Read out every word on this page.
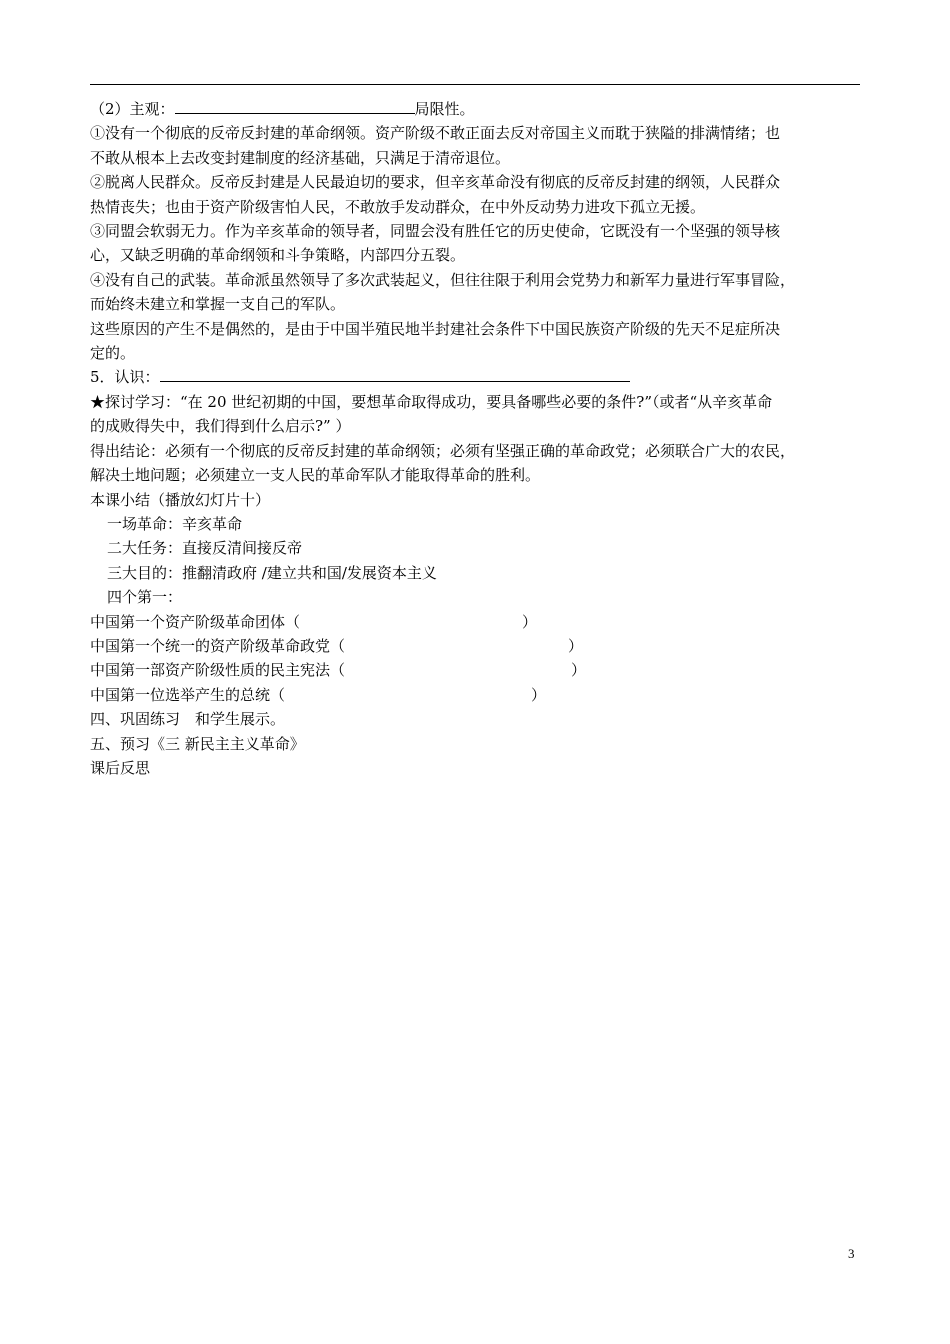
（2）主观：	局限性。
①没有一个彻底的反帝反封建的革命纲领。资产阶级不敢正面去反对帝国主义而耽于狭隘的排满情绪；也
不敢从根本上去改变封建制度的经济基础，只满足于清帝退位。
②脱离人民群众。反帝反封建是人民最迫切的要求，但辛亥革命没有彻底的反帝反封建的纲领，人民群众
热情丧失；也由于资产阶级害怕人民，不敢放手发动群众，在中外反动势力进攻下孤立无援。
③同盟会软弱无力。作为辛亥革命的领导者，同盟会没有胜任它的历史使命，它既没有一个坚强的领导核
心，又缺乏明确的革命纲领和斗争策略，内部四分五裂。
④没有自己的武装。革命派虽然领导了多次武装起义，但往往限于利用会党势力和新军力量进行军事冒险，
而始终未建立和掌握一支自己的军队。
这些原因的产生不是偶然的，是由于中国半殖民地半封建社会条件下中国民族资产阶级的先天不足症所决
定的。
5．认识：
★探讨学习：“在 20 世纪初期的中国，要想革命取得成功，要具备哪些必要的条件?”（或者“从辛亥革命
的成败得失中，我们得到什么启示?” ）
得出结论：必须有一个彻底的反帝反封建的革命纲领；必须有坚强正确的革命政党；必须联合广大的农民，
解决土地问题；必须建立一支人民的革命军队才能取得革命的胜利。
本课小结（播放幻灯片十）
一场革命：辛亥革命
二大任务：直接反清间接反帝
三大目的：推翻清政府 /建立共和国/发展资本主义
四个第一：
中国第一个资产阶级革命团体（	）
中国第一个统一的资产阶级革命政党（	）
中国第一部资产阶级性质的民主宪法（	）
中国第一位选举产生的总统（	）
四、巩固练习　和学生展示。
五、预习《三 新民主主义革命》
课后反思
3
